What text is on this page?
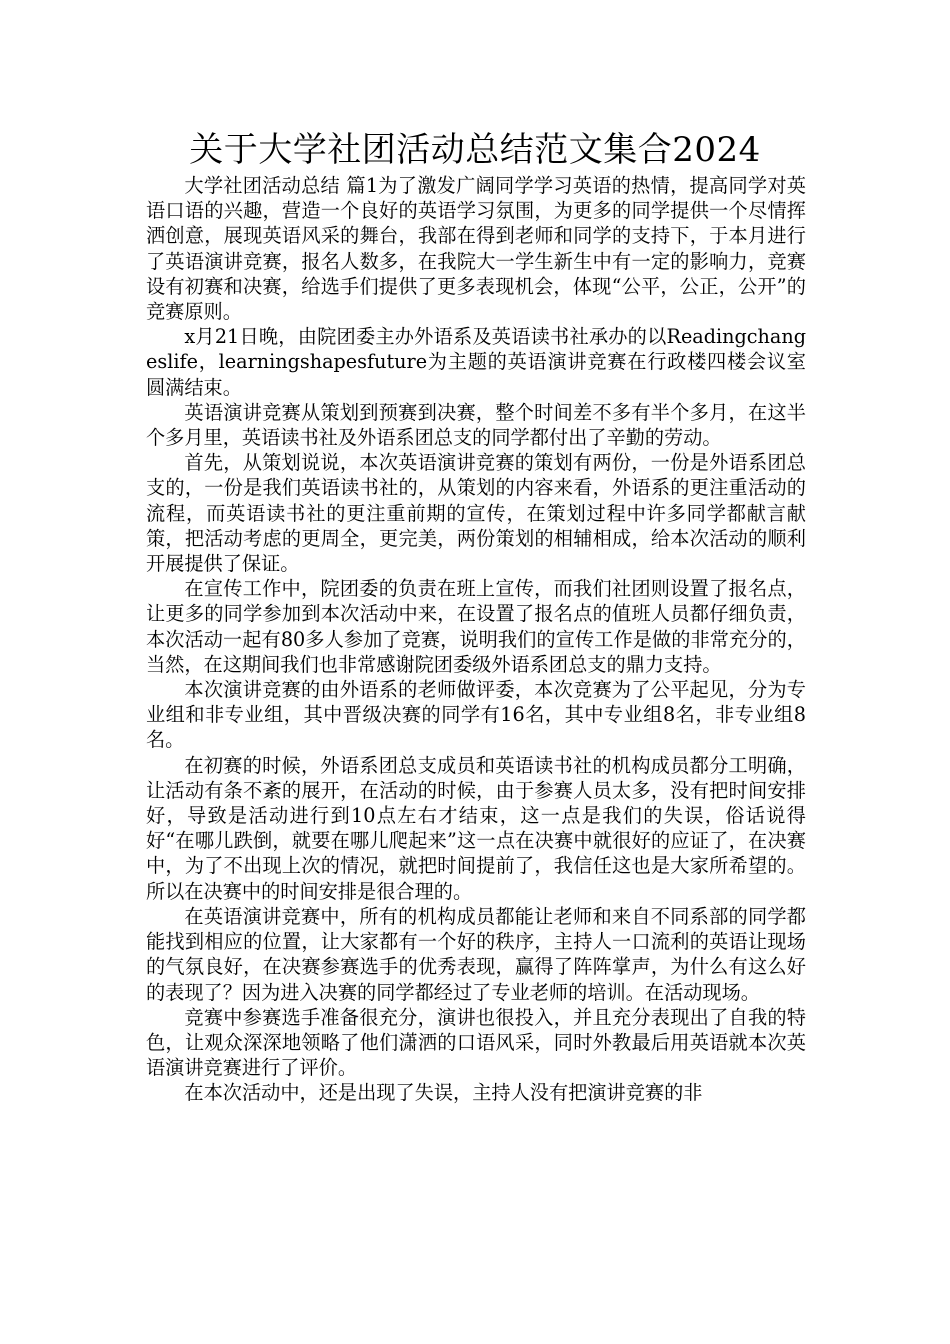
关于大学社团活动总结范文集合2024

大学社团活动总结 篇1为了激发广阔同学学习英语的热情，提高同学对英语口语的兴趣，营造一个良好的英语学习氛围，为更多的同学提供一个尽情挥洒创意，展现英语风采的舞台，我部在得到老师和同学的支持下，于本月进行了英语演讲竞赛，报名人数多，在我院大一学生新生中有一定的影响力，竞赛设有初赛和决赛，给选手们提供了更多表现机会，体现“公平，公正，公开”的竞赛原则。

x月21日晚，由院团委主办外语系及英语读书社承办的以Readingchangeslife，learningshapesfuture为主题的英语演讲竞赛在行政楼四楼会议室圆满结束。

英语演讲竞赛从策划到预赛到决赛，整个时间差不多有半个多月，在这半个多月里，英语读书社及外语系团总支的同学都付出了辛勤的劳动。

首先，从策划说说，本次英语演讲竞赛的策划有两份，一份是外语系团总支的，一份是我们英语读书社的，从策划的内容来看，外语系的更注重活动的流程，而英语读书社的更注重前期的宣传，在策划过程中许多同学都献言献策，把活动考虑的更周全，更完美，两份策划的相辅相成，给本次活动的顺利开展提供了保证。

在宣传工作中，院团委的负责在班上宣传，而我们社团则设置了报名点，让更多的同学参加到本次活动中来，在设置了报名点的值班人员都仔细负责，本次活动一起有80多人参加了竞赛，说明我们的宣传工作是做的非常充分的，当然，在这期间我们也非常感谢院团委级外语系团总支的鼎力支持。

本次演讲竞赛的由外语系的老师做评委，本次竞赛为了公平起见，分为专业组和非专业组，其中晋级决赛的同学有16名，其中专业组8名，非专业组8名。

在初赛的时候，外语系团总支成员和英语读书社的机构成员都分工明确，让活动有条不紊的展开，在活动的时候，由于参赛人员太多，没有把时间安排好，导致是活动进行到10点左右才结束，这一点是我们的失误，俗话说得好“在哪儿跌倒，就要在哪儿爬起来”这一点在决赛中就很好的应证了，在决赛中，为了不出现上次的情况，就把时间提前了，我信任这也是大家所希望的。所以在决赛中的时间安排是很合理的。

在英语演讲竞赛中，所有的机构成员都能让老师和来自不同系部的同学都能找到相应的位置，让大家都有一个好的秩序，主持人一口流利的英语让现场的气氛良好，在决赛参赛选手的优秀表现，赢得了阵阵掌声，为什么有这么好的表现了？因为进入决赛的同学都经过了专业老师的培训。在活动现场。

竞赛中参赛选手准备很充分，演讲也很投入，并且充分表现出了自我的特色，让观众深深地领略了他们潇洒的口语风采，同时外教最后用英语就本次英语演讲竞赛进行了评价。

在本次活动中，还是出现了失误，主持人没有把演讲竞赛的非
